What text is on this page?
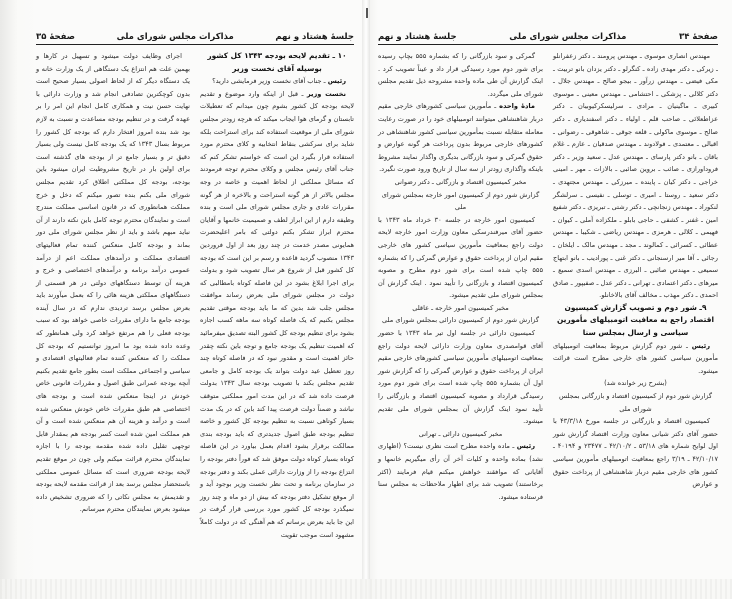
جلسهٔ هشتاد و نهم
مذاکرات مجلس شورای ملی
صفحهٔ ۳۵

۱۰ ـ تقدیم لایحه بودجه ۱۳۴۳ کل کشور بوسیله آقای نخست وزیر

رئیس ـ جناب آقای نخست وزیر فرمایشی دارید؟

نخست وزیر ـ قبل از اینکه وارد موضوع و تقدیم لایحه بودجه کل کشور بشوم چون میدانم که تعطیلات تابستان و گرمای هوا ایجاب میکند که هرچه زودتر مجلس شورای ملی از موقعیت استفاده کند برای استراحت بلکه شاید برای سرکشی بنقاط انتخابیه و کلای محترم مورد استفاده قرار بگیرد این است که خواستم تشکر کنم که جناب آقای رئیس مجلس و وکلای محترم توجه فرمودند که مسائل مملکتی از لحاظ اهمیت و خاصه در وجه مجلس بالاتر از هر گونه استراحت و بالاخره از هر گونه مقررات عادی و جاری مجلس شورای ملی است و بنده وظیفه دارم از این ابراز لطف و صمیمیت خانمها و آقایان محترم ابراز تشکر بکنم دولتی که بامر اعلیحضرت همایونی مصدر خدمت در چند روز بعد از اول فروردین ۱۳۴۳ منصوب گردید قاعده و رسم بر این است که بودجه کل کشور قبل از شروع هر سال تصویب شود و بدولت برای اجرا ابلاغ بشود در این فاصله کوتاه بامطالبی که دولت در مجلس شورای ملی بعرض رساند موافقت مجلس جلب شد بدین که ما باید بودجه موقتی تقدیم مجلس بکنیم که یک فاصله کوتاه سه ماهه کسب اجازه بشود برای تنظیم بودجه کل کشور البته تصدیق میفرمائید که اهمیت تنظیم یک بودجه جامع و توجه باین نکته چقدر حائز اهمیت است و مقدور نبود که در فاصله کوتاه چند روز تعطیل عید دولت بتواند یک بودجه کامل و جامعی تقدیم مجلس بکند با تصویب بودجه سال ۱۳۴۳ بدولت فرصت داده شد که در این مدت امور مملکتی متوقف نباشد و ضمناً دولت فرصت پیدا کند باین که در یک مدت بسیار کوتاهی نسبت به تنظیم بودجه کل کشور و خاصه تنظیم بودجه طبق اصول جدیدتری که باید بودجه بندی ممالکت برقرار بشود اقدام بعمل بیاورد در این فاصله کوتاه بسیار کوتاه دولت موفق شد که فوراً دفتر بودجه را انتزاع بودجه را از وزارت دارائی عملی بکند و دفتر بودجه در سازمان برنامه و تحت نظر نخست وزیر بوجود آید و از موقع تشکیل دفتر بودجه که بیش از دو ماه و چند روز نمیگذرد بودجه کل کشور مورد بررسی قرار گرفت در این جا باید بعرض برسانم که هم آهنگی که در دولت کاملاً مشهود است موجب تقویت

اجرای وظایف دولت میشود و تسهیل در کارها و بهمین علت هم انتزاع یک دستگاهی از یک وزارت خانه و یک دستگاه دیگر که از لحاظ اصولی بسیار صحیح است بدون کوچکترین تصادفی انجام شد و وزارت دارائی با نهایت حسن نیت و همکاری کامل انجام این امر را بر عهده گرفت و در تنظیم بودجه مساعدت و نسبت به لازم بود شد بنده امروز افتخار دارم که بودجه کل کشور را مربوط بسال ۱۳۴۳ که یک بودجه کامل نیست ولی بسیار دقیق تر و بسیار جامع تر از بودجه های گذشته است برای اولین بار در تاریخ مشروطیت ایران میشود باین بودجه، بودجه کل مملکتی اطلاق کرد تقدیم مجلس شورای ملی بکنم بنده تصور میکنم که دخل و خرج مملکت همانطوری که در قانون اساسی مملکت مندرج است و نمایندگان محترم توجه کامل باین نکته دارند از آن نباید مبهم باشد و باید از نظر مجلس شورای ملی دور بماند و بودجه کامل منعکس کننده تمام فعالیتهای اقتصادی مملکت و درآمدهای مملکت اعم از درآمد عمومی درآمد برنامه و درآمدهای اختصاصی و خرج و هزینه آن توسط دستگاههای دولتی در هر قسمتی از دستگاههای مملکتی هزینه هائی را که بعمل میآورند باید بعرض مجلس برسد تردیدی ندارم که در سال آینده بودجه جامع ما دارای مقررات خاصی خواهد بود که سبب بودجه فعلی را هم مرتفع خواهد کرد ولی همانطور که وعده داده شده بود ما امروز توانستیم که بودجه کل مملکت را که منعکس کننده تمام فعالیتهای اقتصادی و سیاسی و اجتماعی مملکت است بطور جامع تقدیم بکنیم آنچه بودجه عمرانی طبق اصول و مقررات قانونی خاص خودش در اینجا منعکس شده است و بودجه های اختصاصی هم طبق مقررات خاص خودش منعکس شده است و درآمد و هزینه آن هم منعکس شده است و آن هم مملکت امین شده است کسر بودجه هم بمقدار قابل توجهی تقلیل داده شده مقدمه بودجه را با اجازه نمایندگان محترم قرائت میکنم ولی چون در موقع تقدیم لایحه بودجه ضروری است که مسائل عمومی مملکتی باستحضار مجلس برسد بعد از قرائت مقدمه لایحه بودجه و تقدیمش به مجلس نکاتی را که ضروری تشخیص داده میشود بعرض نمایندگان محترم میرسانم.

صفحهٔ ۳۴
مذاکرات مجلس شورای ملی
جلسهٔ هشتاد و نهم

مهندس انصاری موسوی ـ مهندس پرومند ـ دکتر زعفرانلو ـ زیرکی ـ دکتر مهدی زاده ـ کنگرلو ـ دکتر یزدان بانو تربیت ـ مکی فیضی ـ مهندس زرآور ـ بیجو صالح ـ مهندس جلال ـ دکتر کلالی ـ پزشکی ـ احتشامی ـ مهندس معینی ـ موسوی کبیری ـ ماگینیان ـ مرادی ـ سرلیسکرکیوبیان ـ دکتر عزاطعلائی ـ صاحب قلم ـ اولیاء ـ دکتر اسفندیاری ـ دکتر صالح ـ موسوی ماکولی ـ قلعه جوقی ـ شاهوقی ـ رضوانی ـ اقبالی ـ معتمدی ـ فولادوند ـ مهندس صدقیان ـ عازم ـ غلام باقان ـ بانو دکتر پارسای ـ مهندس عدل ـ سعید وزیر ـ دکتر فروداورازی ـ صائب ـ بروین صائبی ـ بالازات ـ مهر ـ امینی خراجی ـ دکتر کیان ـ پاینده ـ میرزکی ـ مهندس مجتهدی ـ دکتر سعید ـ روستا ـ امیری ـ توسلی ـ نفیسی ـ سرلشگر لنکوراد ـ مهندس زنجانچی ـ دکتر رشتی ـ تبریزی ـ دکتر شفیع امین ـ غفنر ـ کشفی ـ حاجی بابلو ـ ملکزاده آملی ـ کیوان ـ فهیمی ـ کلالی ـ هرمزی ـ مهندس ریاضی ـ شکیبا ـ مهندس عطائی ـ کسرائی ـ کمالوند ـ مجد ـ مهندس مالک ـ ایلخان ـ رجائی ـ آقا میر ارسنجانی ـ دکتر غنی ـ پورادیب ـ بانو ابتهاج سمیعی ـ مهندس صائبی ـ البرزی ـ مهندس اسدی سمیع ـ میرهای ـ دکتر اعتمادی ـ تهرانی ـ دکتر عدل ـ صفیپور ـ صادق احمدی ـ دکتر مهذب ـ مخالف آقای بالاخانلو.

۹ـ شور دوم و تصویب گزارش کمیسیون اقتصاد راجع به معافیت اتومبیلهای مأمورین سیاسی و ارسال بمجلس سنا

رئیس ـ شور دوم گزارش مربوط بمعافیت اتومبیلهای مأمورین سیاسی کشور های خارجی مطرح است قرائت میشود.

(بشرح زیر خوانده شد)

گزارش شور دوم از کمیسیون اقتصاد و بازرگانی بمجلس شورای ملی

کمیسیون اقتصاد و بازرگانی در جلسه مورخ ۴۳/۳/۱۸ با حضور آقای دکتر شیانی معاون وزارت اقتصاد گزارش شور اول لوایح شماره های ۵۳/۱۸ ـ ۴۲/۱۰/۲ ـ ۲۳۴۷۷ و ۴۰۱۹۴ ـ ۴۲/۱۰/۱۷ ـ ۳/۱۹ راجع بمعافیت اتومبیلهای مأمورین سیاسی کشور های خارجی مقیم دربار شاهنشاهی از پرداخت حقوق و عوارض

گمرکی و سود بازرگانی را که بشماره ۵۵۵ بچاپ رسیده برای شور دوم مورد رسیدگی قرار داد و عیناً تصویب کرد . اینک گزارش آن طی ماده واحده مشروحه ذیل تقدیم مجلس شورای ملی میگردد.

مادهٔ واحده ـ مأمورین سیاسی کشورهای خارجی مقیم دربار شاهنشاهی میتوانند اتومبیلهای خود را در صورت رعایت معامله متقابله نسبت بمأمورین سیاسی کشور شاهنشاهی در کشورهای خارجی مربوط بدون پرداخت هر گونه عوارض و حقوق گمرکی و سود بازرگانی بدیگری واگذار نمایند مشروط باینکه واگذاری زودتر از سه سال از تاریخ ورود صورت نگیرد.

مخبر کمیسیون اقتصاد و بازرگانی ـ دکتر رضوانی

گزارش شور دوم از کمیسیون امور خارجه بمجلس شورای ملی

کمیسیون امور خارجه در جلسه ۳۰ خرداد ماه ۱۳۴۳ با حضور آقای میرفندرسکی معاون وزارت امور خارجه لایحه دولت راجع بمعافیت مأمورین سیاسی کشور های خارجی مقیم ایران از پرداخت حقوق و عوارض گمرکی را که بشماره ۵۵۵ چاپ شده است برای شور دوم مطرح و مصوبه کمیسیون اقتصاد و بازرگانی را تأیید نمود . اینک گزارش آن بمجلس شورای ملی تقدیم میشود.

مخبر کمیسیون امور خارجه ـ عاقلی

گزارش شور دوم از کمیسیون دارائی بمجلس شورای ملی

کمیسیون دارائی در جلسه اول تیر ماه ۱۳۴۳ با حضور آقای قوامصدری معاون وزارت دارائی لایحه دولت راجع بمعافیت اتومبیلهای مأمورین سیاسی کشورهای خارجی مقیم ایران از پرداخت حقوق و عوارض گمرکی را که گزارش شور اول آن بشماره ۵۵۵ چاپ شده است برای شور دوم مورد رسیدگی قرارداد و مصوبه کمیسیون اقتصاد و بازرگانی را تأیید نمود اینک گزارش آن بمجلس شورای ملی تقدیم میشود.

مخبر کمیسیون دارائی ـ تهرانی

رئیس ـ ماده واحده مطرح است نظری نیست؟ (اظهاری نشد) بماده واحده و کلیات آخر آن رأی میگیریم خانمها و آقایانی که موافقند خواهش میکنم قیام فرمایند (اکثر برخاستند) تصویب شد برای اظهار ملاحظات به مجلس سنا فرستاده میشود.
